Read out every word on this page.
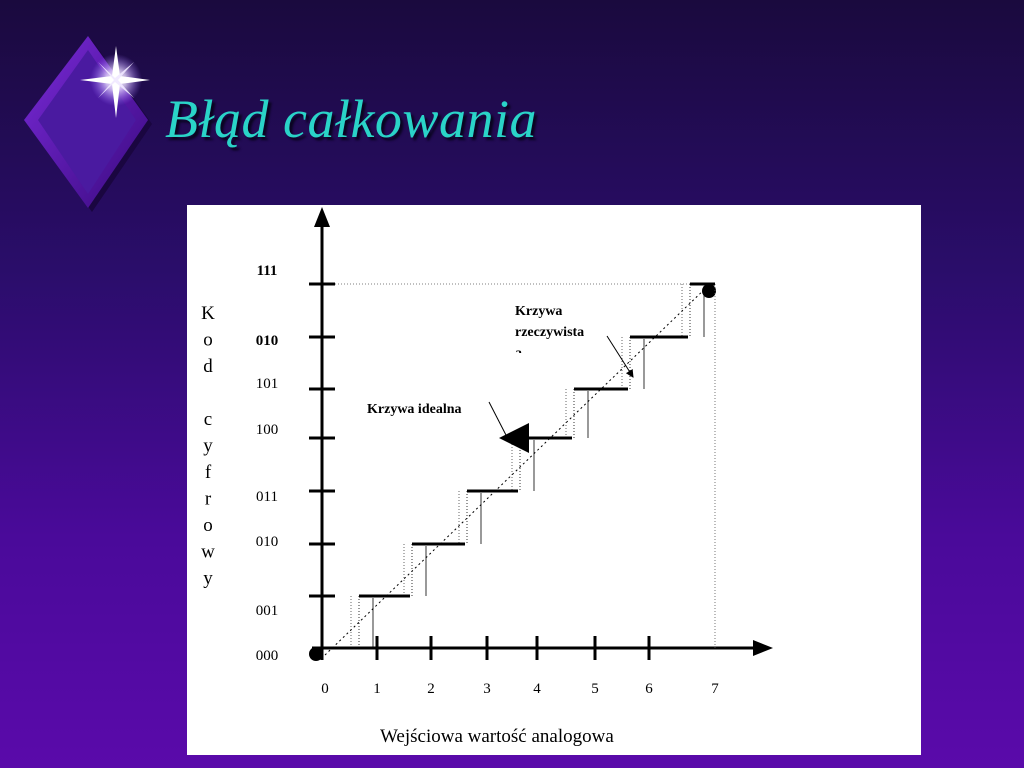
Błąd całkowania
0	1	2	3	4	5	6	7
111
010
101
100
011
010
001
000
K
o
d
c
y
f
r
o
w
y
Wejściowa wartość analogowa
Krzywa idealna
Krzywa
rzeczywista
